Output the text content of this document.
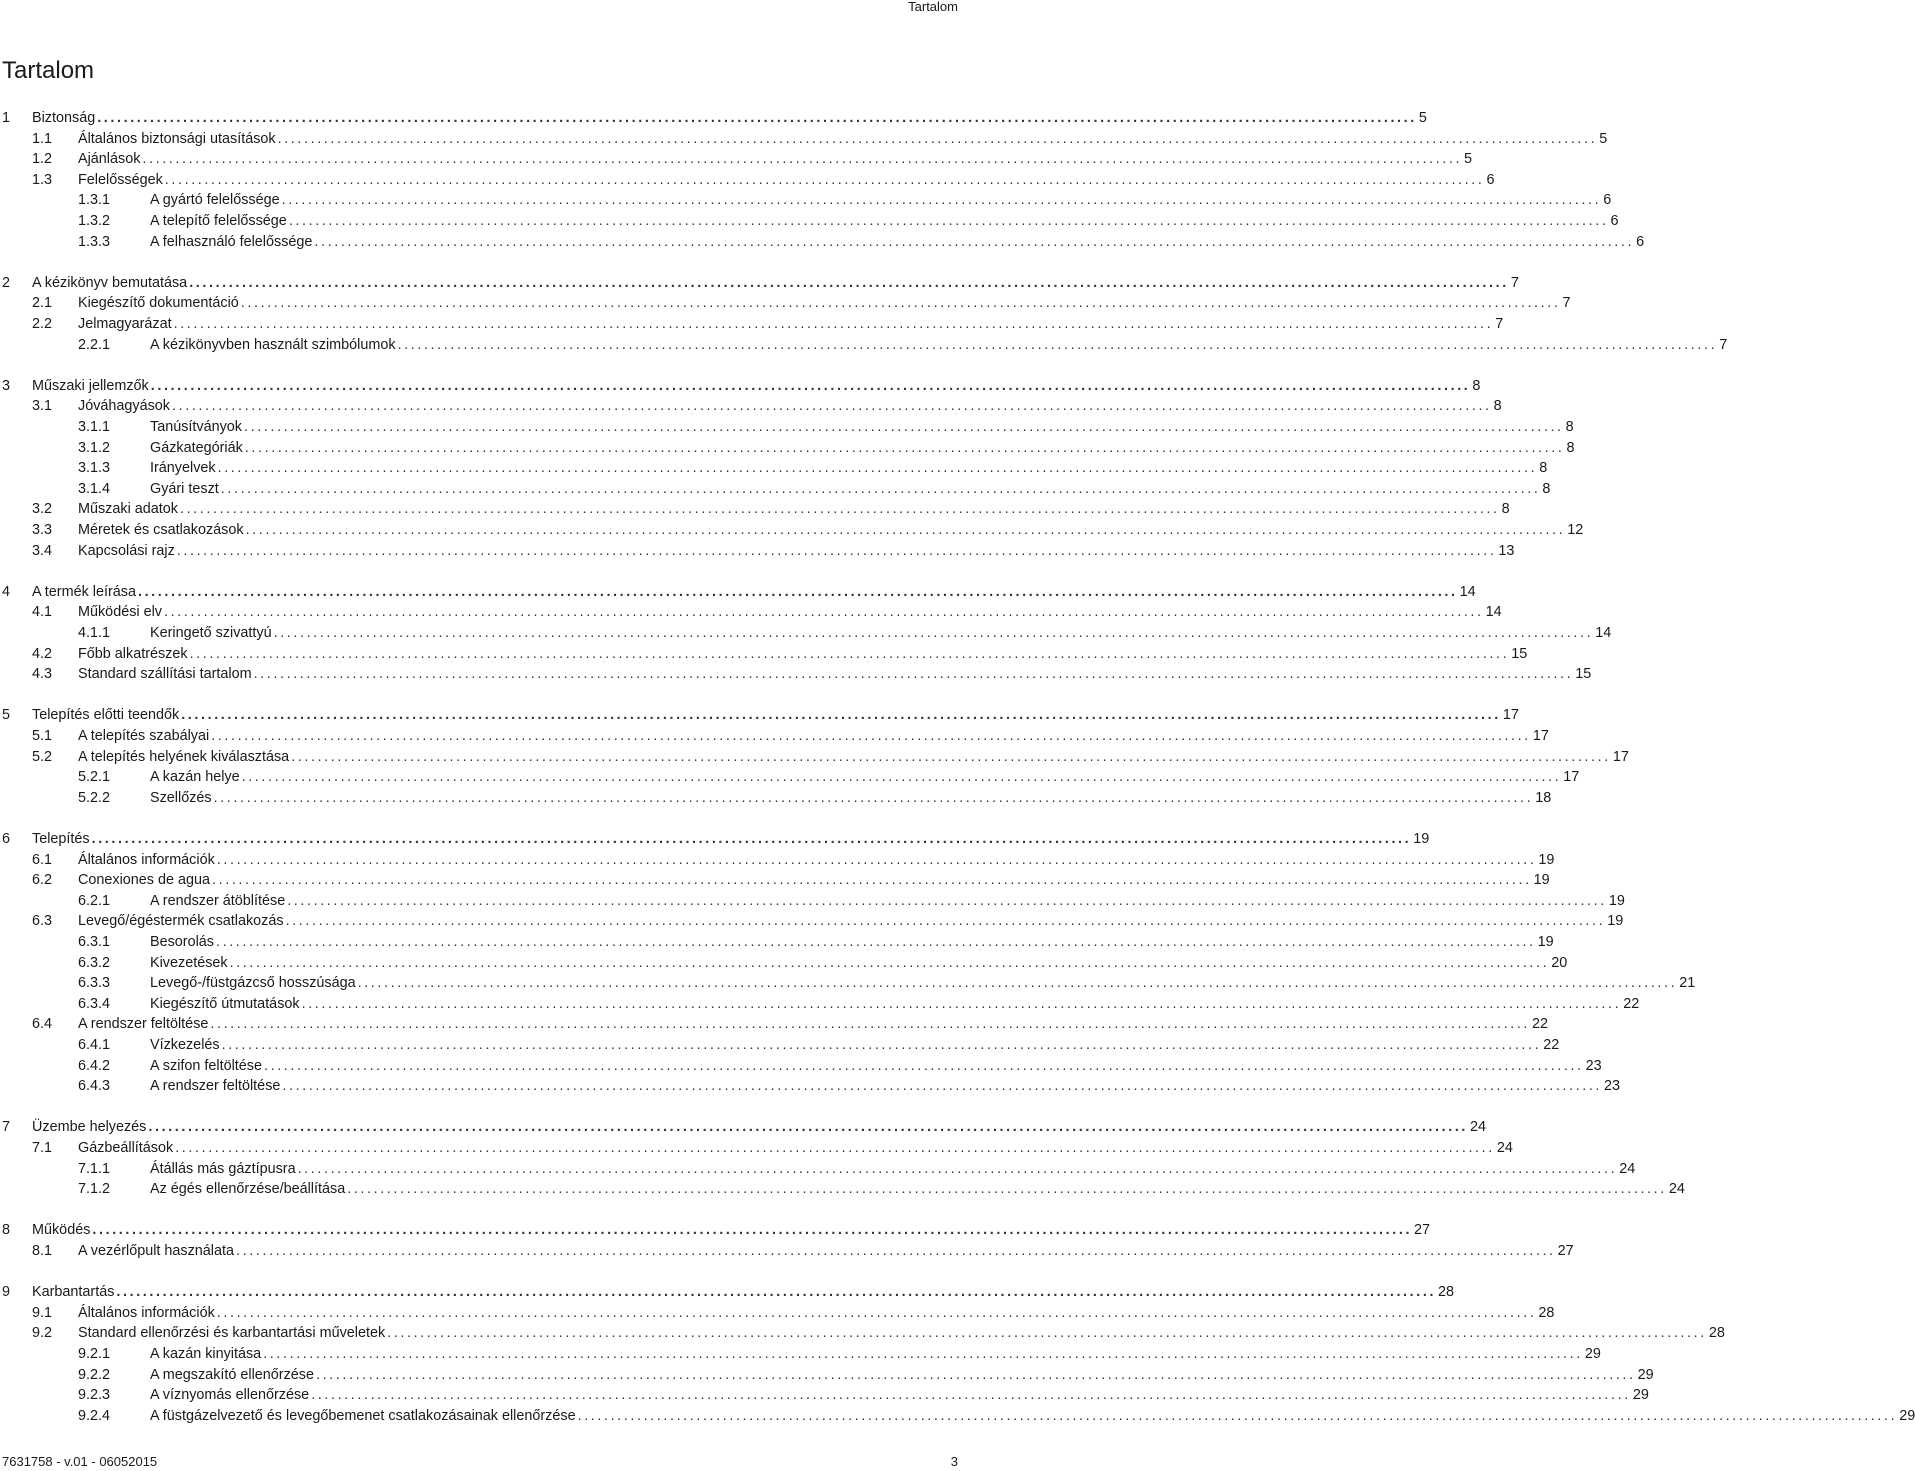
Tartalom
Tartalom
1	Biztonság ........................................................................................................................................................................................................ 5
1.1	Általános biztonsági utasítások ........................................................................................................................................................................................................ 5
1.2	Ajánlások ........................................................................................................................................................................................................ 5
1.3	Felelősségek ........................................................................................................................................................................................................ 6
1.3.1	A gyártó felelőssége ........................................................................................................................................................................................................ 6
1.3.2	A telepítő felelőssége ........................................................................................................................................................................................................ 6
1.3.3	A felhasználó felelőssége ........................................................................................................................................................................................................ 6
2	A kézikönyv bemutatása ........................................................................................................................................................................................................ 7
2.1	Kiegészítő dokumentáció ........................................................................................................................................................................................................ 7
2.2	Jelmagyarázat ........................................................................................................................................................................................................ 7
2.2.1	A kézikönyvben használt szimbólumok ........................................................................................................................................................................................................ 7
3	Műszaki jellemzők ........................................................................................................................................................................................................ 8
3.1	Jóváhagyások ........................................................................................................................................................................................................ 8
3.1.1	Tanúsítványok ........................................................................................................................................................................................................ 8
3.1.2	Gázkategóriák ........................................................................................................................................................................................................ 8
3.1.3	Irányelvek ........................................................................................................................................................................................................ 8
3.1.4	Gyári teszt ........................................................................................................................................................................................................ 8
3.2	Műszaki adatok ........................................................................................................................................................................................................ 8
3.3	Méretek és csatlakozások ........................................................................................................................................................................................................ 12
3.4	Kapcsolási rajz ........................................................................................................................................................................................................ 13
4	A termék leírása ........................................................................................................................................................................................................ 14
4.1	Működési elv ........................................................................................................................................................................................................ 14
4.1.1	Keringető szivattyú ........................................................................................................................................................................................................ 14
4.2	Főbb alkatrészek ........................................................................................................................................................................................................ 15
4.3	Standard szállítási tartalom ........................................................................................................................................................................................................ 15
5	Telepítés előtti teendők ........................................................................................................................................................................................................ 17
5.1	A telepítés szabályai ........................................................................................................................................................................................................ 17
5.2	A telepítés helyének kiválasztása ........................................................................................................................................................................................................ 17
5.2.1	A kazán helye ........................................................................................................................................................................................................ 17
5.2.2	Szellőzés ........................................................................................................................................................................................................ 18
6	Telepítés ........................................................................................................................................................................................................ 19
6.1	Általános információk ........................................................................................................................................................................................................ 19
6.2	Conexiones de agua ........................................................................................................................................................................................................ 19
6.2.1	A rendszer átöblítése ........................................................................................................................................................................................................ 19
6.3	Levegő/égéstermék csatlakozás ........................................................................................................................................................................................................ 19
6.3.1	Besorolás ........................................................................................................................................................................................................ 19
6.3.2	Kivezetések ........................................................................................................................................................................................................ 20
6.3.3	Levegő-/füstgázcső hosszúsága ........................................................................................................................................................................................................ 21
6.3.4	Kiegészítő útmutatások ........................................................................................................................................................................................................ 22
6.4	A rendszer feltöltése ........................................................................................................................................................................................................ 22
6.4.1	Vízkezelés ........................................................................................................................................................................................................ 22
6.4.2	A szifon feltöltése ........................................................................................................................................................................................................ 23
6.4.3	A rendszer feltöltése ........................................................................................................................................................................................................ 23
7	Üzembe helyezés ........................................................................................................................................................................................................ 24
7.1	Gázbeállítások ........................................................................................................................................................................................................ 24
7.1.1	Átállás más gáztípusra ........................................................................................................................................................................................................ 24
7.1.2	Az égés ellenőrzése/beállítása ........................................................................................................................................................................................................ 24
8	Működés ........................................................................................................................................................................................................ 27
8.1	A vezérlőpult használata ........................................................................................................................................................................................................ 27
9	Karbantartás ........................................................................................................................................................................................................ 28
9.1	Általános információk ........................................................................................................................................................................................................ 28
9.2	Standard ellenőrzési és karbantartási műveletek ........................................................................................................................................................................................................ 28
9.2.1	A kazán kinyitása ........................................................................................................................................................................................................ 29
9.2.2	A megszakító ellenőrzése ........................................................................................................................................................................................................ 29
9.2.3	A víznyomás ellenőrzése ........................................................................................................................................................................................................ 29
9.2.4	A füstgázelvezető és levegőbemenet csatlakozásainak ellenőrzése ........................................................................................................................................................................................................ 29
7631758 - v.01 - 06052015	3
